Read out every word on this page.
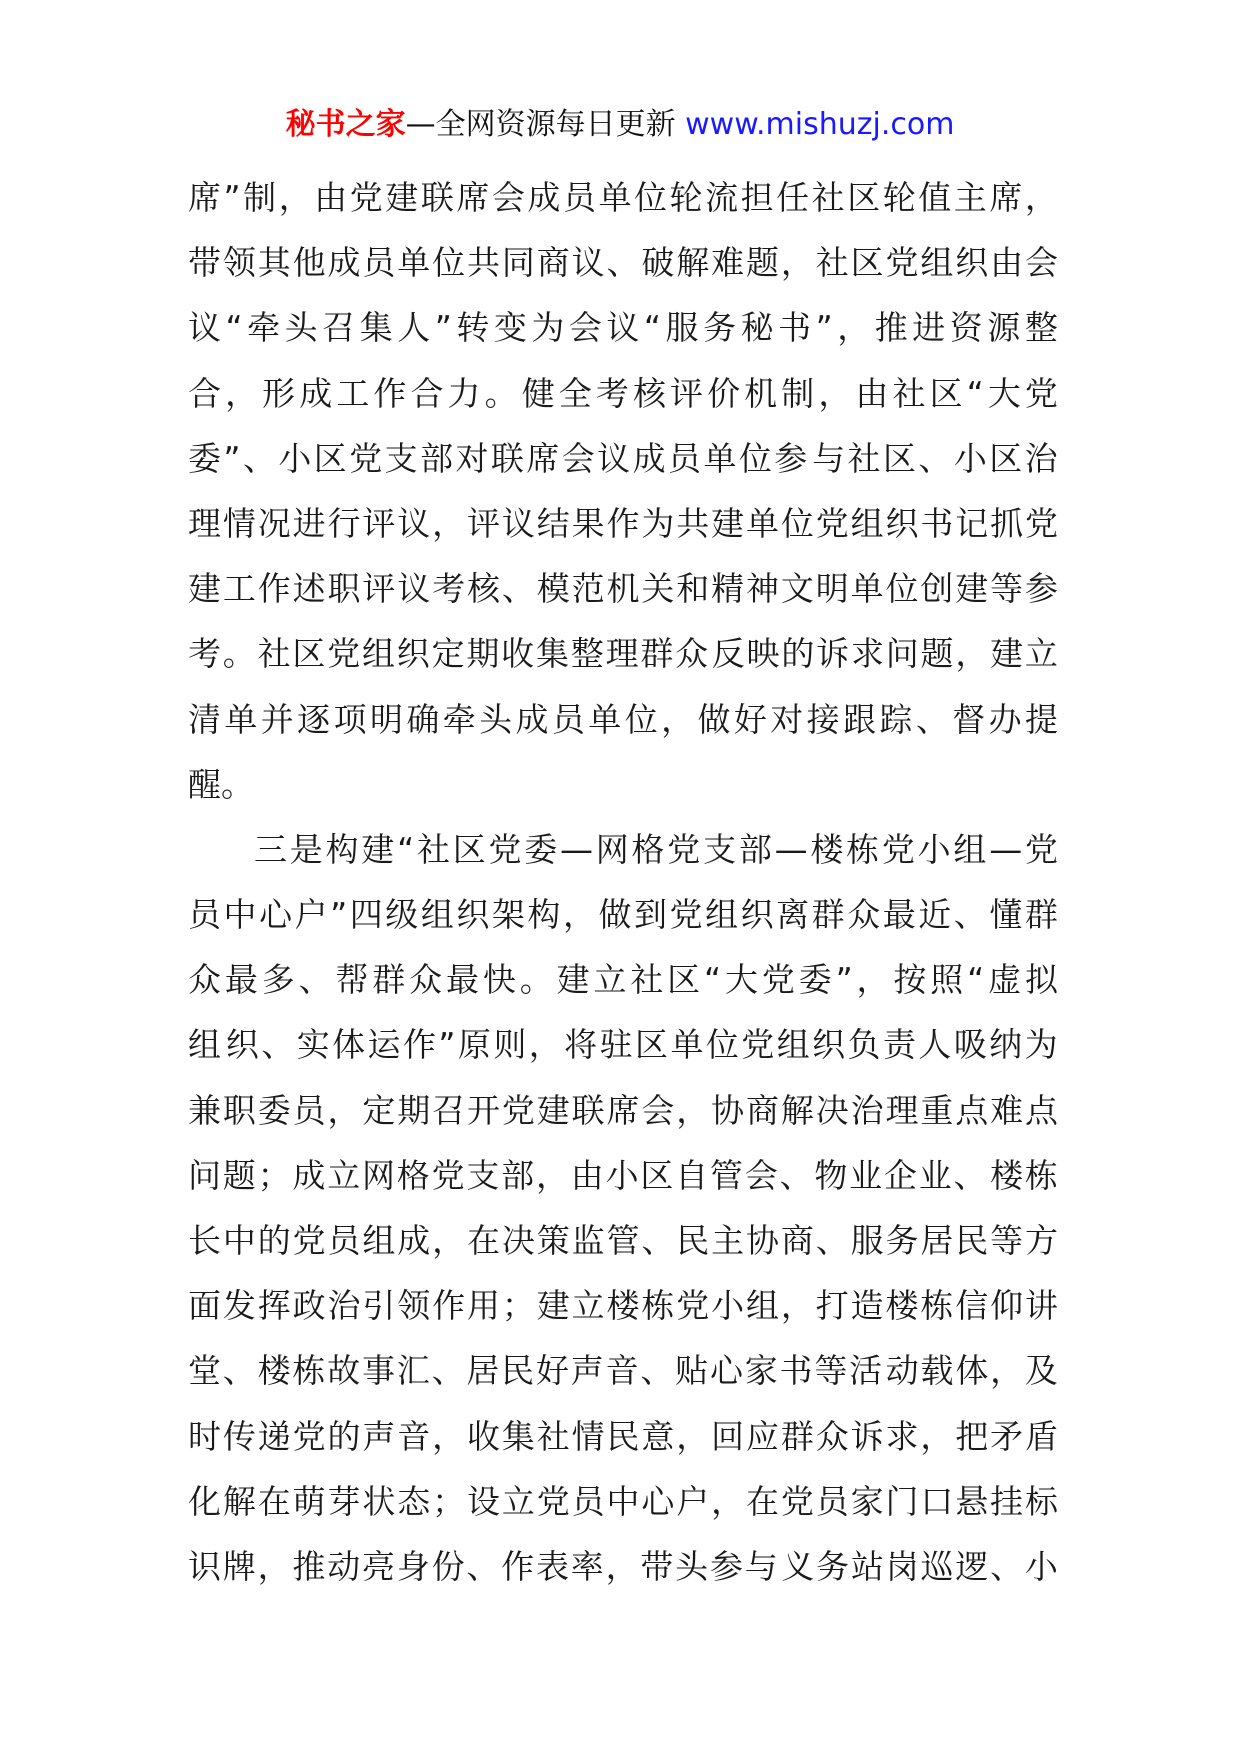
秘书之家—全网资源每日更新 www.mishuzj.com
席 ” 制 ， 由 党 建 联 席 会 成 员 单 位 轮 流 担 任 社 区 轮 值 主 席 ，
带 领 其 他 成 员 单 位 共 同 商 议 、 破 解 难 题 ， 社 区 党 组 织 由 会
议 “ 牵 头 召 集 人 ” 转 变 为 会 议 “ 服 务 秘 书 ” ， 推 进 资 源 整
合 ， 形 成 工 作 合 力 。 健 全 考 核 评 价 机 制 ， 由 社 区 “ 大 党
委 ” 、 小 区 党 支 部 对 联 席 会 议 成 员 单 位 参 与 社 区 、 小 区 治
理 情 况 进 行 评 议 ， 评 议 结 果 作 为 共 建 单 位 党 组 织 书 记 抓 党
建 工 作 述 职 评 议 考 核 、 模 范 机 关 和 精 神 文 明 单 位 创 建 等 参
考 。 社 区 党 组 织 定 期 收 集 整 理 群 众 反 映 的 诉 求 问 题 ， 建 立
清 单 并 逐 项 明 确 牵 头 成 员 单 位 ， 做 好 对 接 跟 踪 、 督 办 提
醒 。
三 是 构 建 “ 社 区 党 委 — 网 格 党 支 部 — 楼 栋 党 小 组 — 党
员 中 心 户 ” 四 级 组 织 架 构 ， 做 到 党 组 织 离 群 众 最 近 、 懂 群
众 最 多 、 帮 群 众 最 快 。 建 立 社 区 “ 大 党 委 ” ， 按 照 “ 虚 拟
组 织 、 实 体 运 作 ” 原 则 ， 将 驻 区 单 位 党 组 织 负 责 人 吸 纳 为
兼 职 委 员 ， 定 期 召 开 党 建 联 席 会 ， 协 商 解 决 治 理 重 点 难 点
问 题 ； 成 立 网 格 党 支 部 ， 由 小 区 自 管 会 、 物 业 企 业 、 楼 栋
长 中 的 党 员 组 成 ， 在 决 策 监 管 、 民 主 协 商 、 服 务 居 民 等 方
面 发 挥 政 治 引 领 作 用 ； 建 立 楼 栋 党 小 组 ， 打 造 楼 栋 信 仰 讲
堂 、 楼 栋 故 事 汇 、 居 民 好 声 音 、 贴 心 家 书 等 活 动 载 体 ， 及
时 传 递 党 的 声 音 ， 收 集 社 情 民 意 ， 回 应 群 众 诉 求 ， 把 矛 盾
化 解 在 萌 芽 状 态 ； 设 立 党 员 中 心 户 ， 在 党 员 家 门 口 悬 挂 标
识 牌 ， 推 动 亮 身 份 、 作 表 率 ， 带 头 参 与 义 务 站 岗 巡 逻 、 小
